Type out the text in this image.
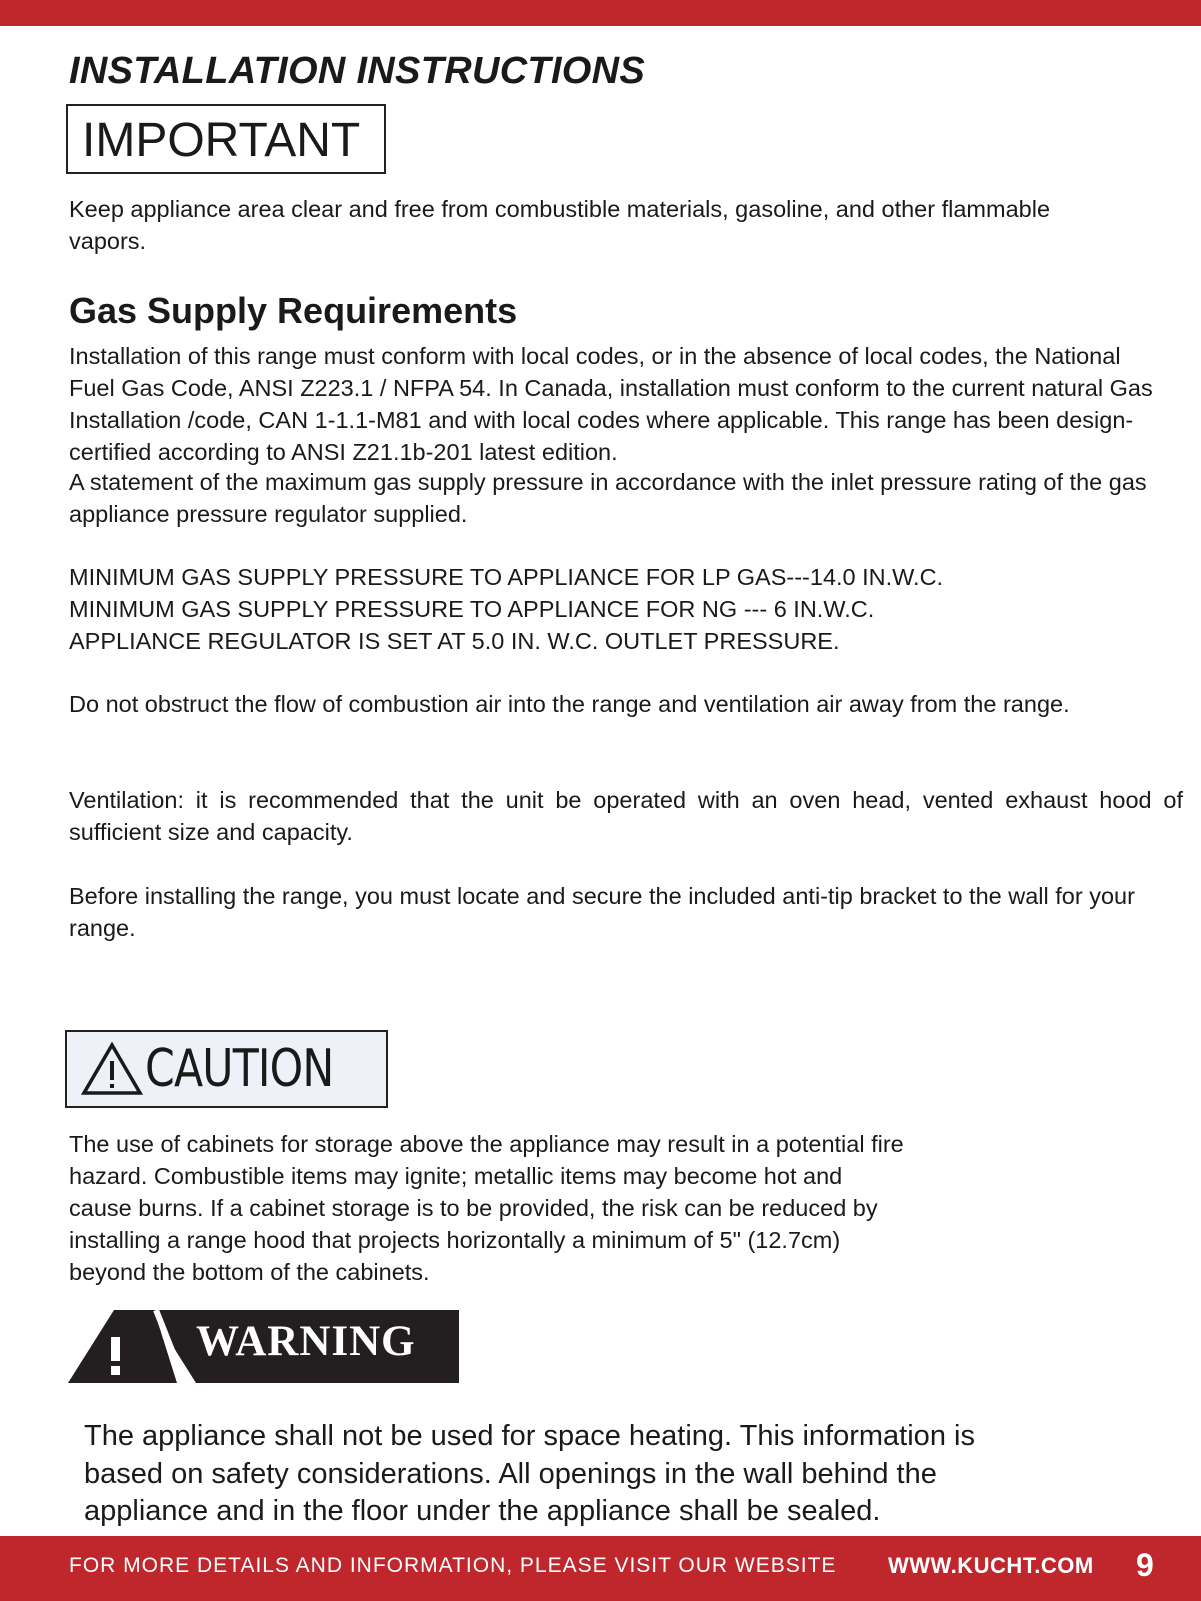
INSTALLATION INSTRUCTIONS
IMPORTANT

Keep appliance area clear and free from combustible materials, gasoline, and other flammable vapors.

Gas Supply Requirements

Installation of this range must conform with local codes, or in the absence of local codes, the National Fuel Gas Code, ANSI Z223.1 / NFPA 54. In Canada, installation must conform to the current natural Gas Installation /code, CAN 1-1.1-M81 and with local codes where applicable. This range has been design-certified according to ANSI Z21.1b-201 latest edition.

A statement of the maximum gas supply pressure in accordance with the inlet pressure rating of the gas appliance pressure regulator supplied.

MINIMUM GAS SUPPLY PRESSURE TO APPLIANCE FOR LP GAS---14.0 IN.W.C.

MINIMUM GAS SUPPLY PRESSURE TO APPLIANCE FOR NG --- 6 IN.W.C.

APPLIANCE REGULATOR IS SET AT 5.0 IN. W.C. OUTLET PRESSURE.

Do not obstruct the flow of combustion air into the range and ventilation air away from the range.

Ventilation: it is recommended that the unit be operated with an oven head, vented exhaust hood of sufficient size and capacity.

Before installing the range, you must locate and secure the included anti-tip bracket to the wall for your range.

CAUTION

The use of cabinets for storage above the appliance may result in a potential fire

hazard. Combustible items may ignite; metallic items may become hot and

cause burns. If a cabinet storage is to be provided, the risk can be reduced by

installing a range hood that projects horizontally a minimum of 5" (12.7cm)

beyond the bottom of the cabinets.

WARNING

The appliance shall not be used for space heating. This information is based on safety considerations. All openings in the wall behind the appliance and in the floor under the appliance shall be sealed.

FOR MORE DETAILS AND INFORMATION, PLEASE VISIT OUR WEBSITE WWW.KUCHT.COM 9
